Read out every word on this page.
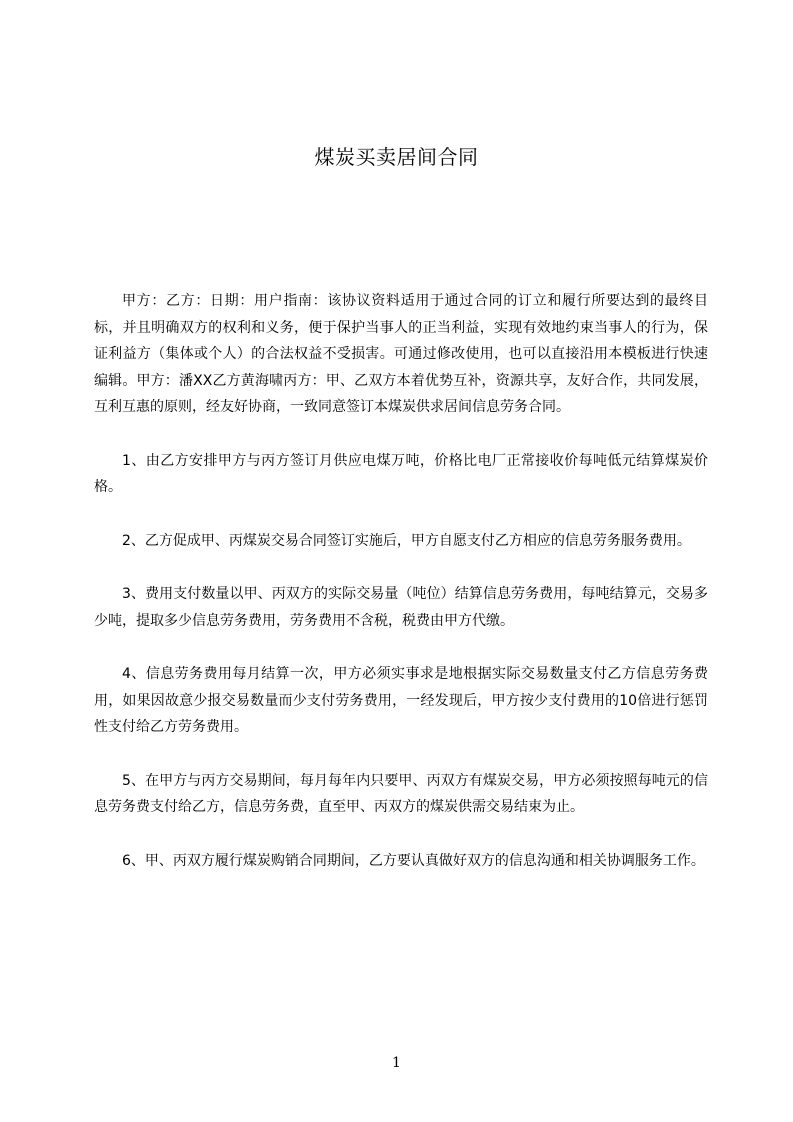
煤炭买卖居间合同

甲方：乙方：日期：用户指南：该协议资料适用于通过合同的订立和履行所要达到的最终目标，并且明确双方的权利和义务，便于保护当事人的正当利益，实现有效地约束当事人的行为，保证利益方（集体或个人）的合法权益不受损害。可通过修改使用，也可以直接沿用本模板进行快速编辑。甲方：潘XX乙方黄海啸丙方：甲、乙双方本着优势互补，资源共享，友好合作，共同发展，互利互惠的原则，经友好协商，一致同意签订本煤炭供求居间信息劳务合同。

1、由乙方安排甲方与丙方签订月供应电煤万吨，价格比电厂正常接收价每吨低元结算煤炭价格。

2、乙方促成甲、丙煤炭交易合同签订实施后，甲方自愿支付乙方相应的信息劳务服务费用。

3、费用支付数量以甲、丙双方的实际交易量（吨位）结算信息劳务费用，每吨结算元，交易多少吨，提取多少信息劳务费用，劳务费用不含税，税费由甲方代缴。

4、信息劳务费用每月结算一次，甲方必须实事求是地根据实际交易数量支付乙方信息劳务费用，如果因故意少报交易数量而少支付劳务费用，一经发现后，甲方按少支付费用的10倍进行惩罚性支付给乙方劳务费用。

5、在甲方与丙方交易期间，每月每年内只要甲、丙双方有煤炭交易，甲方必须按照每吨元的信息劳务费支付给乙方，信息劳务费，直至甲、丙双方的煤炭供需交易结束为止。

6、甲、丙双方履行煤炭购销合同期间，乙方要认真做好双方的信息沟通和相关协调服务工作。

1
